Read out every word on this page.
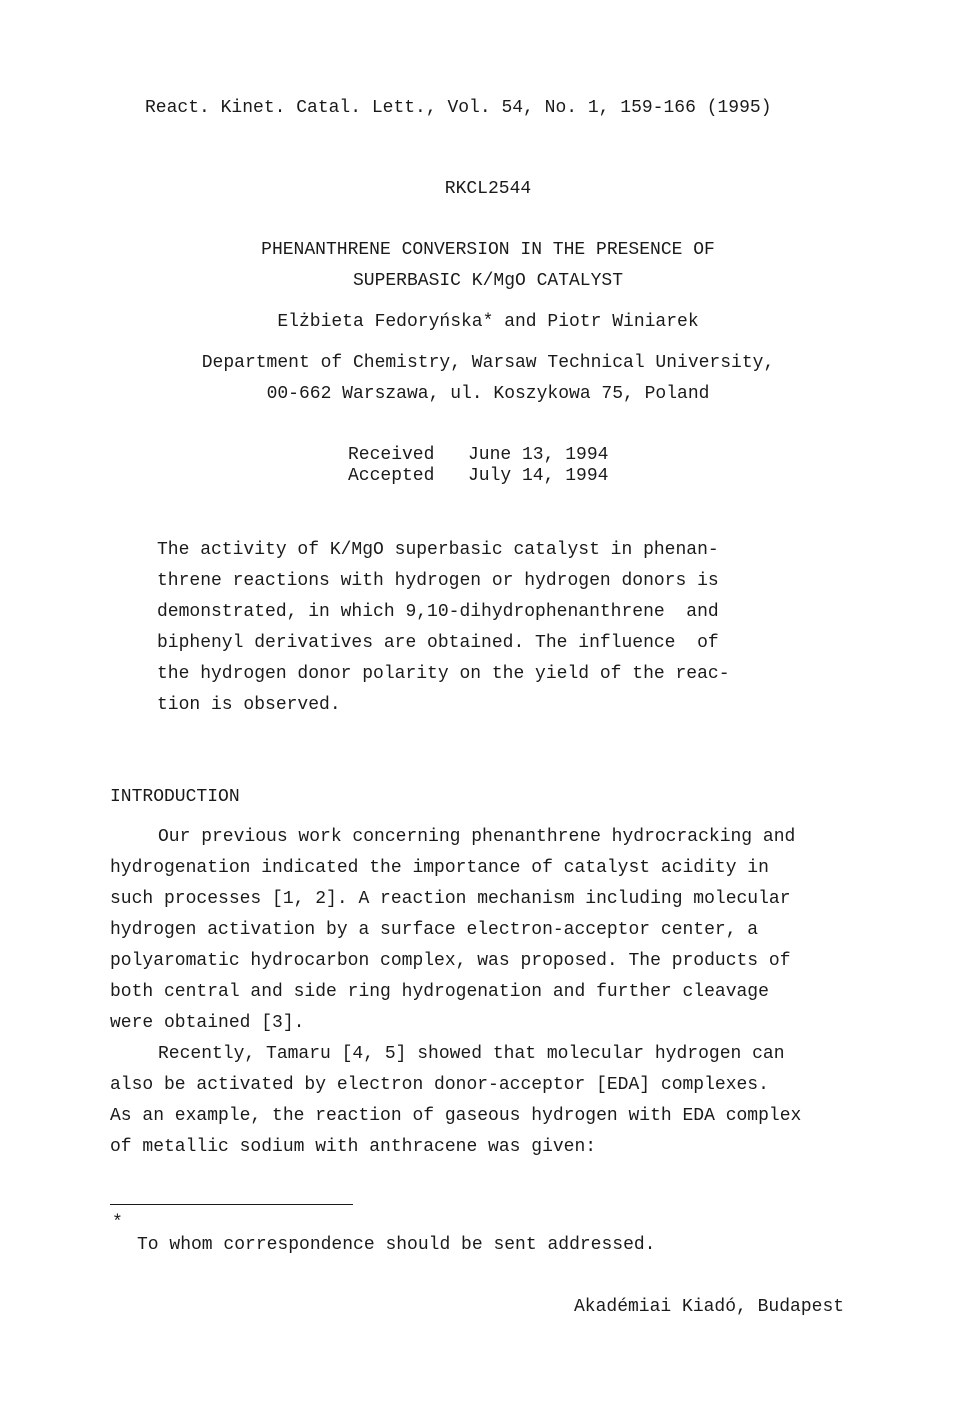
React. Kinet. Catal. Lett., Vol. 54, No. 1, 159-166 (1995)
RKCL2544
PHENANTHRENE CONVERSION IN THE PRESENCE OF
SUPERBASIC K/MgO CATALYST
Elżbieta Fedoryńska* and Piotr Winiarek
Department of Chemistry, Warsaw Technical University,
00-662 Warszawa, ul. Koszykowa 75, Poland
Received June 13, 1994
Accepted July 14, 1994
The activity of K/MgO superbasic catalyst in phenan-
threne reactions with hydrogen or hydrogen donors is
demonstrated, in which 9,10-dihydrophenanthrene  and
biphenyl derivatives are obtained. The influence  of
the hydrogen donor polarity on the yield of the reac-
tion is observed.
INTRODUCTION
Our previous work concerning phenanthrene hydrocracking and
hydrogenation indicated the importance of catalyst acidity in
such processes [1, 2]. A reaction mechanism including molecular
hydrogen activation by a surface electron-acceptor center, a
polyaromatic hydrocarbon complex, was proposed. The products of
both central and side ring hydrogenation and further cleavage
were obtained [3].
Recently, Tamaru [4, 5] showed that molecular hydrogen can
also be activated by electron donor-acceptor [EDA] complexes.
As an example, the reaction of gaseous hydrogen with EDA complex
of metallic sodium with anthracene was given:
*
To whom correspondence should be sent addressed.
Akadémiai Kiadó, Budapest
